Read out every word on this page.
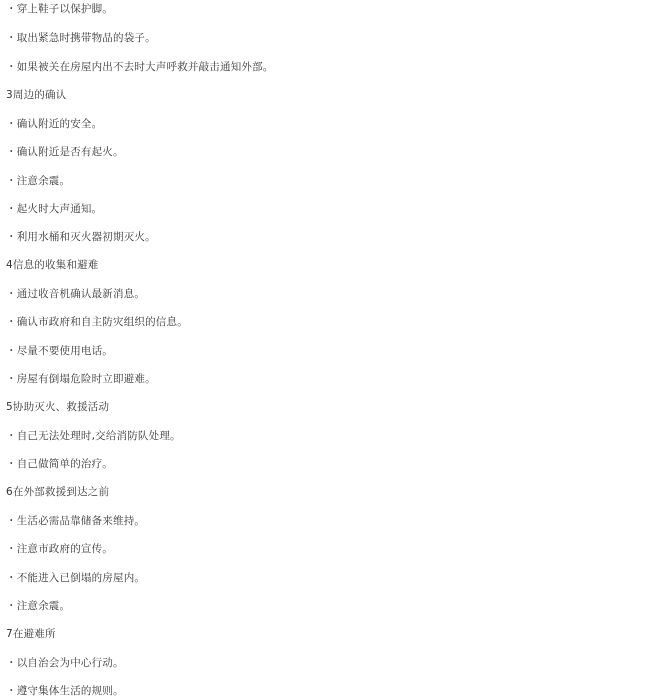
・穿上鞋子以保护脚。
・取出紧急时携带物品的袋子。
・如果被关在房屋内出不去时大声呼救并敲击通知外部。
3周边的确认
・确认附近的安全。
・确认附近是否有起火。
・注意余震。
・起火时大声通知。
・利用水桶和灭火器初期灭火。
4信息的收集和避难
・通过收音机确认最新消息。
・确认市政府和自主防灾组织的信息。
・尽量不要使用电话。
・房屋有倒塌危险时立即避难。
5协助灭火、救援活动
・自己无法处理时,交给消防队处理。
・自己做简单的治疗。
6在外部救援到达之前
・生活必需品靠储备来维持。
・注意市政府的宣传。
・不能进入已倒塌的房屋内。
・注意余震。
7在避难所
・以自治会为中心行动。
・遵守集体生活的规则。
